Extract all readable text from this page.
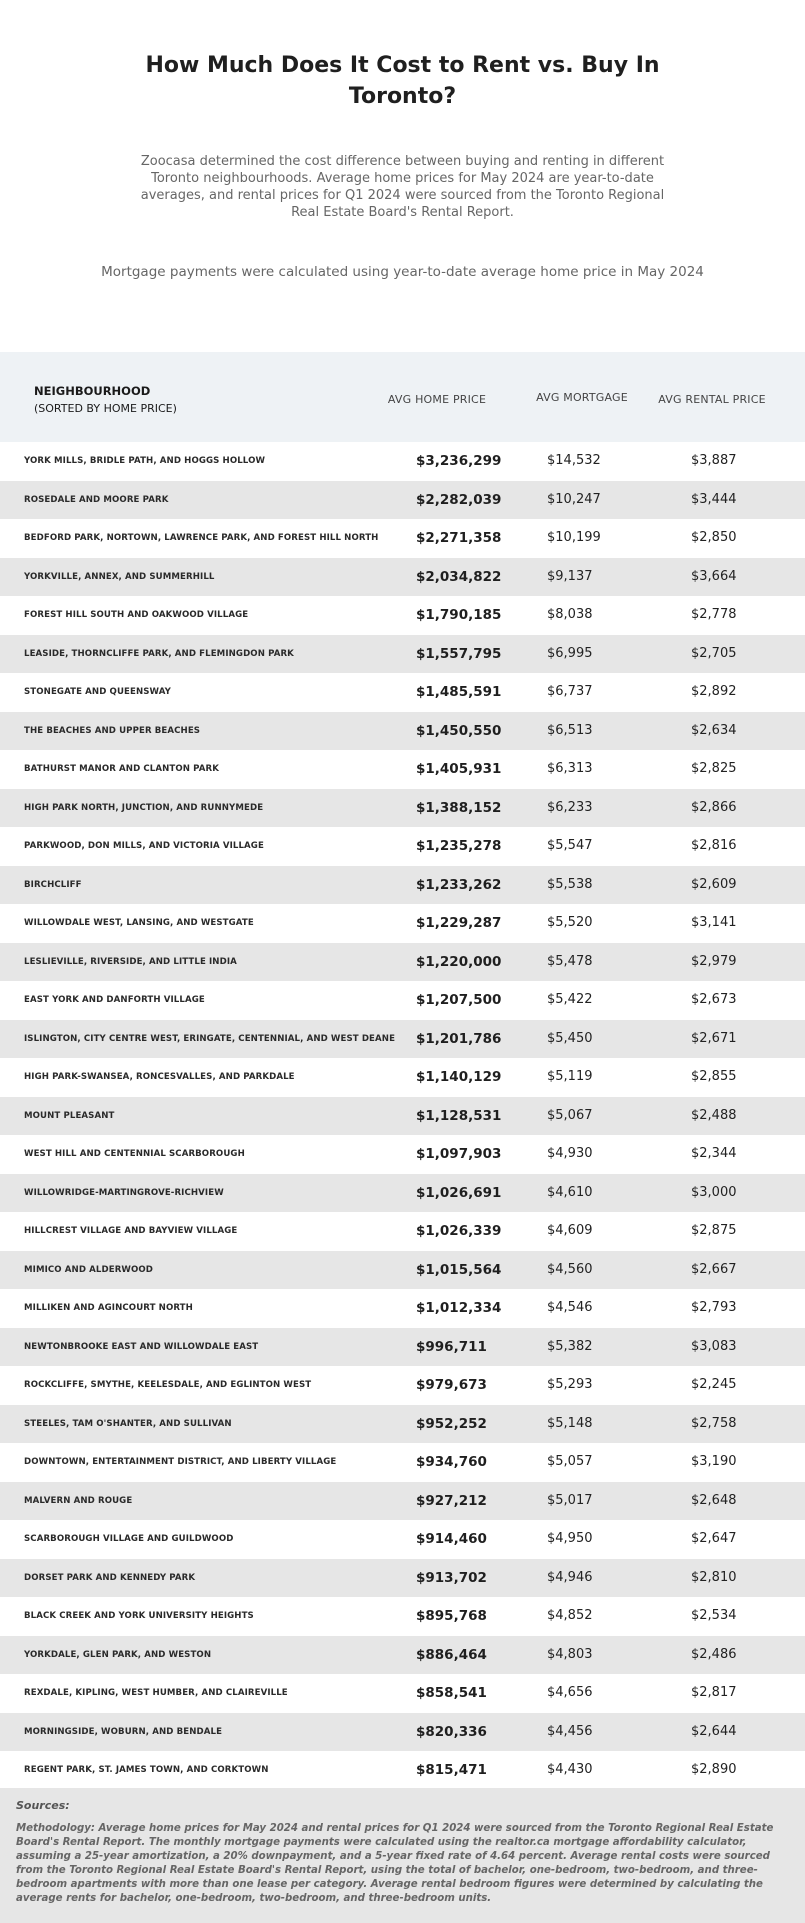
How Much Does It Cost to Rent vs. Buy In Toronto?

Zoocasa determined the cost difference between buying and renting in different Toronto neighbourhoods. Average home prices for May 2024 are year-to-date averages, and rental prices for Q1 2024 were sourced from the Toronto Regional Real Estate Board's Rental Report.

Mortgage payments were calculated using year-to-date average home price in May 2024

NEIGHBOURHOOD
(SORTED BY HOME PRICE)
AVG HOME PRICE	AVG MORTGAGE	AVG RENTAL PRICE
YORK MILLS, BRIDLE PATH, AND HOGGS HOLLOW	$3,236,299	$14,532	$3,887
ROSEDALE AND MOORE PARK	$2,282,039	$10,247	$3,444
BEDFORD PARK, NORTOWN, LAWRENCE PARK, AND FOREST HILL NORTH	$2,271,358	$10,199	$2,850
YORKVILLE, ANNEX, AND SUMMERHILL	$2,034,822	$9,137	$3,664
FOREST HILL SOUTH AND OAKWOOD VILLAGE	$1,790,185	$8,038	$2,778
LEASIDE, THORNCLIFFE PARK, AND FLEMINGDON PARK	$1,557,795	$6,995	$2,705
STONEGATE AND QUEENSWAY	$1,485,591	$6,737	$2,892
THE BEACHES AND UPPER BEACHES	$1,450,550	$6,513	$2,634
BATHURST MANOR AND CLANTON PARK	$1,405,931	$6,313	$2,825
HIGH PARK NORTH, JUNCTION, AND RUNNYMEDE	$1,388,152	$6,233	$2,866
PARKWOOD, DON MILLS, AND VICTORIA VILLAGE	$1,235,278	$5,547	$2,816
BIRCHCLIFF	$1,233,262	$5,538	$2,609
WILLOWDALE WEST, LANSING, AND WESTGATE	$1,229,287	$5,520	$3,141
LESLIEVILLE, RIVERSIDE, AND LITTLE INDIA	$1,220,000	$5,478	$2,979
EAST YORK AND DANFORTH VILLAGE	$1,207,500	$5,422	$2,673
ISLINGTON, CITY CENTRE WEST, ERINGATE, CENTENNIAL, AND WEST DEANE $1,201,786	$5,450	$2,671
HIGH PARK-SWANSEA, RONCESVALLES, AND PARKDALE	$1,140,129	$5,119	$2,855
MOUNT PLEASANT	$1,128,531	$5,067	$2,488
WEST HILL AND CENTENNIAL SCARBOROUGH	$1,097,903	$4,930	$2,344
WILLOWRIDGE-MARTINGROVE-RICHVIEW	$1,026,691	$4,610	$3,000
HILLCREST VILLAGE AND BAYVIEW VILLAGE	$1,026,339	$4,609	$2,875
MIMICO AND ALDERWOOD	$1,015,564	$4,560	$2,667
MILLIKEN AND AGINCOURT NORTH	$1,012,334	$4,546	$2,793
NEWTONBROOKE EAST AND WILLOWDALE EAST	$996,711	$5,382	$3,083
ROCKCLIFFE, SMYTHE, KEELESDALE, AND EGLINTON WEST	$979,673	$5,293	$2,245
STEELES, TAM O'SHANTER, AND SULLIVAN	$952,252	$5,148	$2,758
DOWNTOWN, ENTERTAINMENT DISTRICT, AND LIBERTY VILLAGE	$934,760	$5,057	$3,190
MALVERN AND ROUGE	$927,212	$5,017	$2,648
SCARBOROUGH VILLAGE AND GUILDWOOD	$914,460	$4,950	$2,647
DORSET PARK AND KENNEDY PARK	$913,702	$4,946	$2,810
BLACK CREEK AND YORK UNIVERSITY HEIGHTS	$895,768	$4,852	$2,534
YORKDALE, GLEN PARK, AND WESTON	$886,464	$4,803	$2,486
REXDALE, KIPLING, WEST HUMBER, AND CLAIREVILLE	$858,541	$4,656	$2,817
MORNINGSIDE, WOBURN, AND BENDALE	$820,336	$4,456	$2,644
REGENT PARK, ST. JAMES TOWN, AND CORKTOWN	$815,471	$4,430	$2,890
Sources:
Methodology: Average home prices for May 2024 and rental prices for Q1 2024 were sourced from the Toronto Regional Real Estate Board's Rental Report. The monthly mortgage payments were calculated using the realtor.ca mortgage affordability calculator, assuming a 25-year amortization, a 20% downpayment, and a 5-year fixed rate of 4.64 percent. Average rental costs were sourced from the Toronto Regional Real Estate Board's Rental Report, using the total of bachelor, one-bedroom, two-bedroom, and three-bedroom apartments with more than one lease per category. Average rental bedroom figures were determined by calculating the average rents for bachelor, one-bedroom, two-bedroom, and three-bedroom units.
